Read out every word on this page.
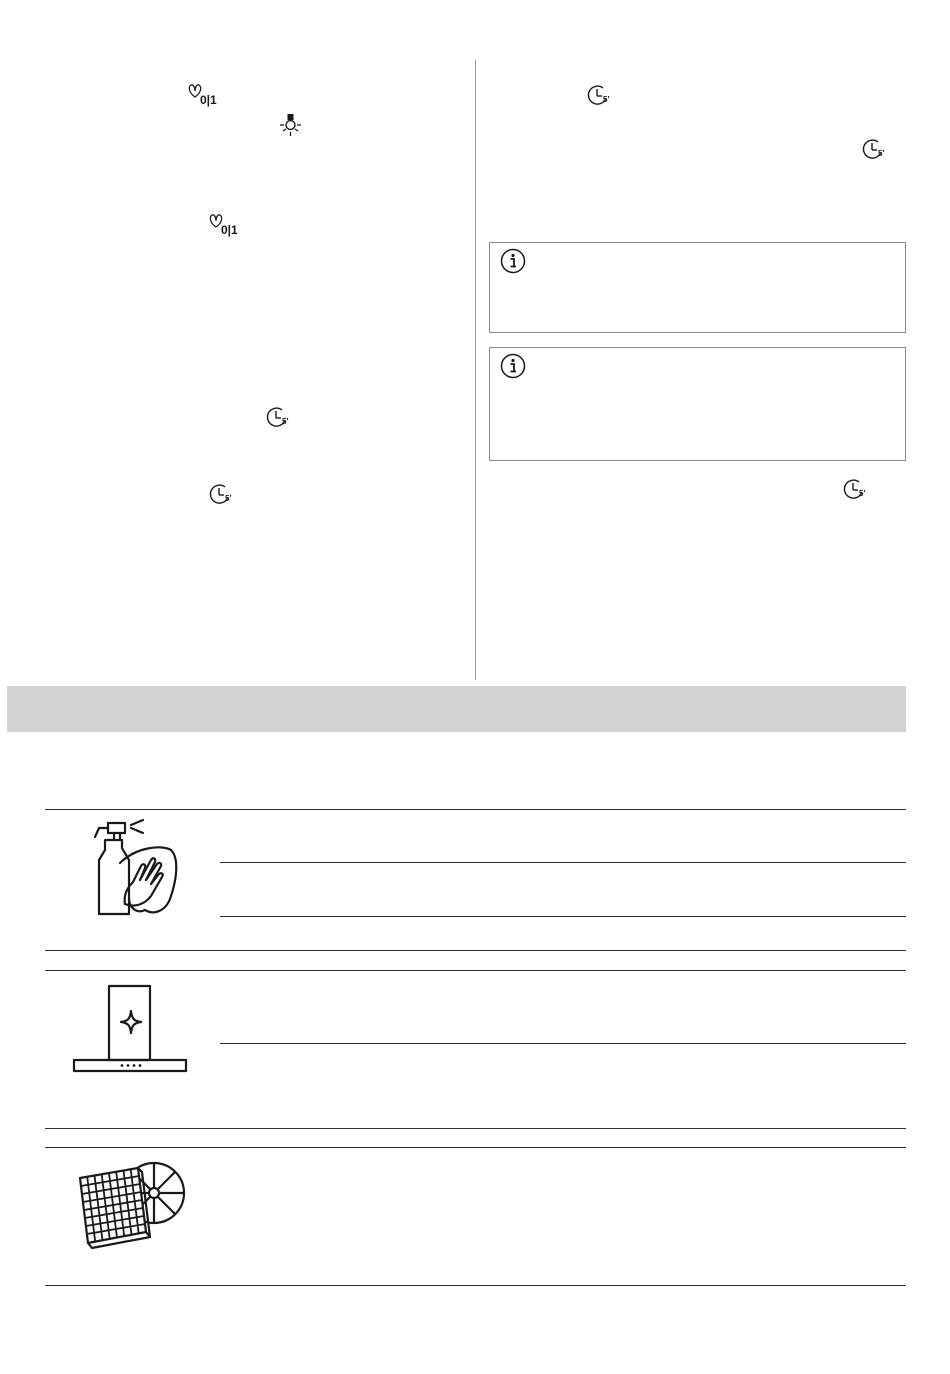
0|1
0|1
5′
5′
5′
5′
5′
